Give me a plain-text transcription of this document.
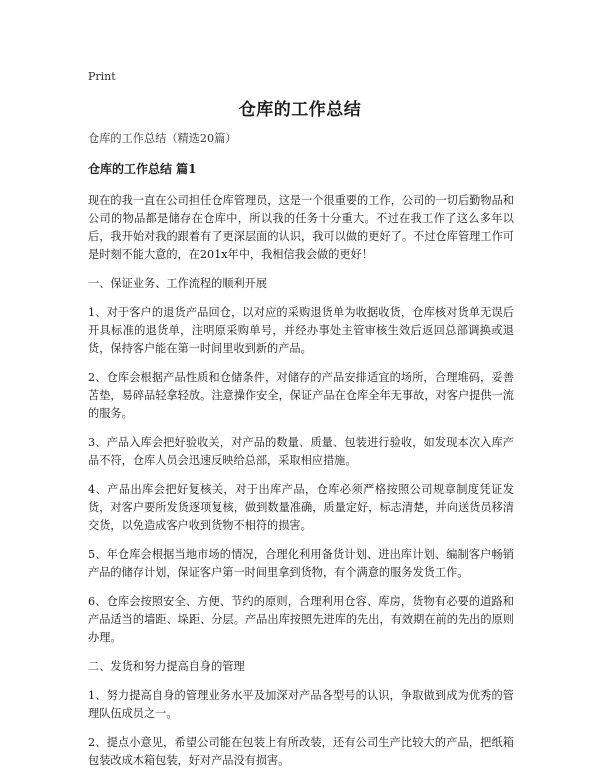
Print
仓库的工作总结
仓库的工作总结（精选20篇）
仓库的工作总结 篇1

现在的我一直在公司担任仓库管理员，这是一个很重要的工作，公司的一切后勤物品和公司的物品都是储存在仓库中，所以我的任务十分重大。不过在我工作了这么多年以后，我开始对我的跟着有了更深层面的认识，我可以做的更好了。不过仓库管理工作可是时刻不能大意的，在201x年中，我相信我会做的更好！

一、保证业务、工作流程的顺利开展

1、对于客户的退货产品回仓，以对应的采购退货单为收据收货，仓库核对货单无误后开具标准的退货单，注明原采购单号，并经办事处主管审核生效后返回总部调换或退货，保持客户能在第一时间里收到新的产品。

2、仓库会根据产品性质和仓储条件，对储存的产品安排适宜的场所，合理堆码，妥善苫垫，易碎品轻拿轻放。注意操作安全，保证产品在仓库全年无事故，对客户提供一流的服务。

3、产品入库会把好验收关，对产品的数量、质量、包装进行验收，如发现本次入库产品不符，仓库人员会迅速反映给总部，采取相应措施。

4、产品出库会把好复核关，对于出库产品，仓库必须严格按照公司规章制度凭证发货，对客户要所发货逐项复核，做到数量准确，质量定好，标志清楚，并向送货员移清交货，以免造成客户收到货物不相符的损害。

5、年仓库会根据当地市场的情况，合理化利用备货计划、进出库计划、编制客户畅销产品的储存计划，保证客户第一时间里拿到货物，有个满意的服务发货工作。

6、仓库会按照安全、方便、节约的原则，合理利用仓容、库房，货物有必要的道路和产品适当的墙距、垛距、分层。产品出库按照先进库的先出，有效期在前的先出的原则办理。

二、发货和努力提高自身的管理

1、努力提高自身的管理业务水平及加深对产品各型号的认识，争取做到成为优秀的管理队伍成员之一。

2、提点小意见，希望公司能在包装上有所改装，还有公司生产比较大的产品，把纸箱包装改成木箱包装，好对产品没有损害。
